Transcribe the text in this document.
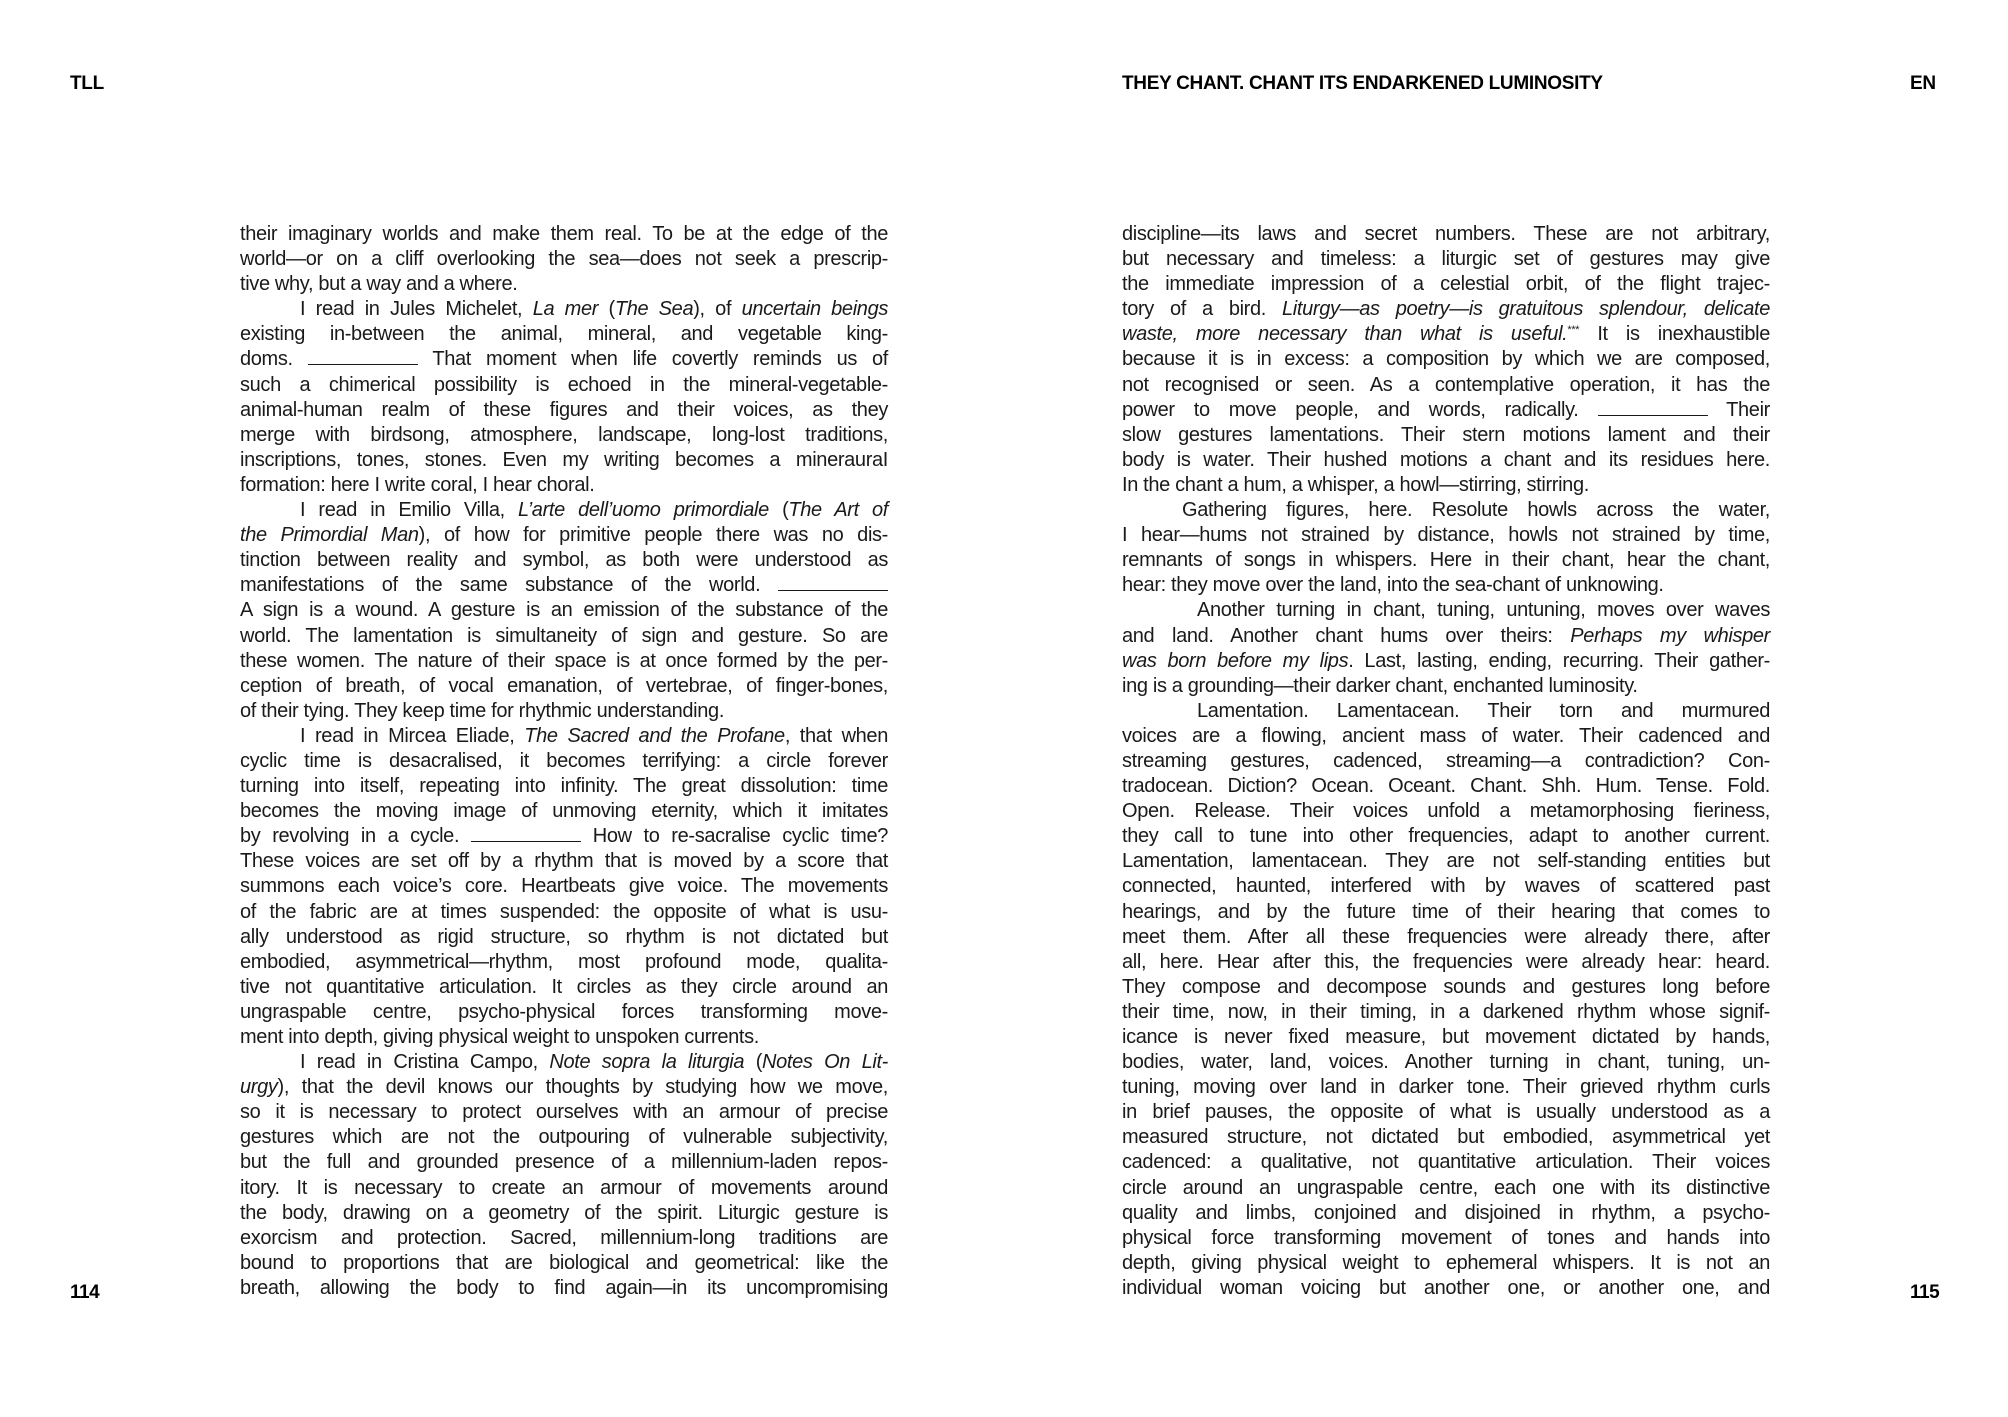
TLL	THEY CHANT. CHANT ITS ENDARKENED LUMINOSITY	EN
their imaginary worlds and make them real. To be at the edge of the
world—or on a cliff overlooking the sea—does not seek a prescrip-
tive why, but a way and a where.
I read in Jules Michelet, La mer (The Sea), of uncertain beings
existing in-between the animal, mineral, and vegetable king-
doms.	That moment when life covertly reminds us of
such a chimerical possibility is echoed in the mineral-vegetable-
animal-human realm of these figures and their voices, as they
merge with birdsong, atmosphere, landscape, long-lost traditions,
inscriptions, tones, stones. Even my writing becomes a minerauraI
formation: here I write coral, I hear choral.
I read in Emilio Villa, L’arte dell’uomo primordiale (The Art of
the Primordial Man), of how for primitive people there was no dis-
tinction between reality and symbol, as both were understood as
manifestations of the same substance of the world.
A sign is a wound. A gesture is an emission of the substance of the
world. The lamentation is simultaneity of sign and gesture. So are
these women. The nature of their space is at once formed by the per-
ception of breath, of vocal emanation, of vertebrae, of finger-bones,
of their tying. They keep time for rhythmic understanding.
I read in Mircea Eliade, The Sacred and the Profane, that when
cyclic time is desacralised, it becomes terrifying: a circle forever
turning into itself, repeating into infinity. The great dissolution: time
becomes the moving image of unmoving eternity, which it imitates
by revolving in a cycle.	How to re-sacralise cyclic time?
These voices are set off by a rhythm that is moved by a score that
summons each voice’s core. Heartbeats give voice. The movements
of the fabric are at times suspended: the opposite of what is usu-
ally understood as rigid structure, so rhythm is not dictated but
embodied, asymmetrical—rhythm, most profound mode, qualita-
tive not quantitative articulation. It circles as they circle around an
ungraspable centre, psycho-physical forces transforming move-
ment into depth, giving physical weight to unspoken currents.
I read in Cristina Campo, Note sopra la liturgia (Notes On Lit-
urgy), that the devil knows our thoughts by studying how we move,
so it is necessary to protect ourselves with an armour of precise
gestures which are not the outpouring of vulnerable subjectivity,
but the full and grounded presence of a millennium-laden repos-
itory. It is necessary to create an armour of movements around
the body, drawing on a geometry of the spirit. Liturgic gesture is
exorcism and protection. Sacred, millennium-long traditions are
bound to proportions that are biological and geometrical: like the
breath, allowing the body to find again—in its uncompromising
discipline—its laws and secret numbers. These are not arbitrary,
but necessary and timeless: a liturgic set of gestures may give
the immediate impression of a celestial orbit, of the flight trajec-
tory of a bird. Liturgy—as poetry—is gratuitous splendour, delicate
waste, more necessary than what is useful.*** It is inexhaustible
because it is in excess: a composition by which we are composed,
not recognised or seen. As a contemplative operation, it has the
power to move people, and words, radically.	Their
slow gestures lamentations. Their stern motions lament and their
body is water. Their hushed motions a chant and its residues here.
In the chant a hum, a whisper, a howl—stirring, stirring.
Gathering figures, here. Resolute howls across the water,
I hear—hums not strained by distance, howls not strained by time,
remnants of songs in whispers. Here in their chant, hear the chant,
hear: they move over the land, into the sea-chant of unknowing.
Another turning in chant, tuning, untuning, moves over waves
and land. Another chant hums over theirs: Perhaps my whisper
was born before my lips. Last, lasting, ending, recurring. Their gather-
ing is a grounding—their darker chant, enchanted luminosity.
Lamentation. Lamentacean. Their torn and murmured
voices are a flowing, ancient mass of water. Their cadenced and
streaming gestures, cadenced, streaming—a contradiction? Con-
tradocean. Diction? Ocean. Oceant. Chant. Shh. Hum. Tense. Fold.
Open. Release. Their voices unfold a metamorphosing fieriness,
they call to tune into other frequencies, adapt to another current.
Lamentation, lamentacean. They are not self-standing entities but
connected, haunted, interfered with by waves of scattered past
hearings, and by the future time of their hearing that comes to
meet them. After all these frequencies were already there, after
all, here. Hear after this, the frequencies were already hear: heard.
They compose and decompose sounds and gestures long before
their time, now, in their timing, in a darkened rhythm whose signif-
icance is never fixed measure, but movement dictated by hands,
bodies, water, land, voices. Another turning in chant, tuning, un-
tuning, moving over land in darker tone. Their grieved rhythm curls
in brief pauses, the opposite of what is usually understood as a
measured structure, not dictated but embodied, asymmetrical yet
cadenced: a qualitative, not quantitative articulation. Their voices
circle around an ungraspable centre, each one with its distinctive
quality and limbs, conjoined and disjoined in rhythm, a psycho-
physical force transforming movement of tones and hands into
depth, giving physical weight to ephemeral whispers. It is not an
individual woman voicing but another one, or another one, and
114	115
